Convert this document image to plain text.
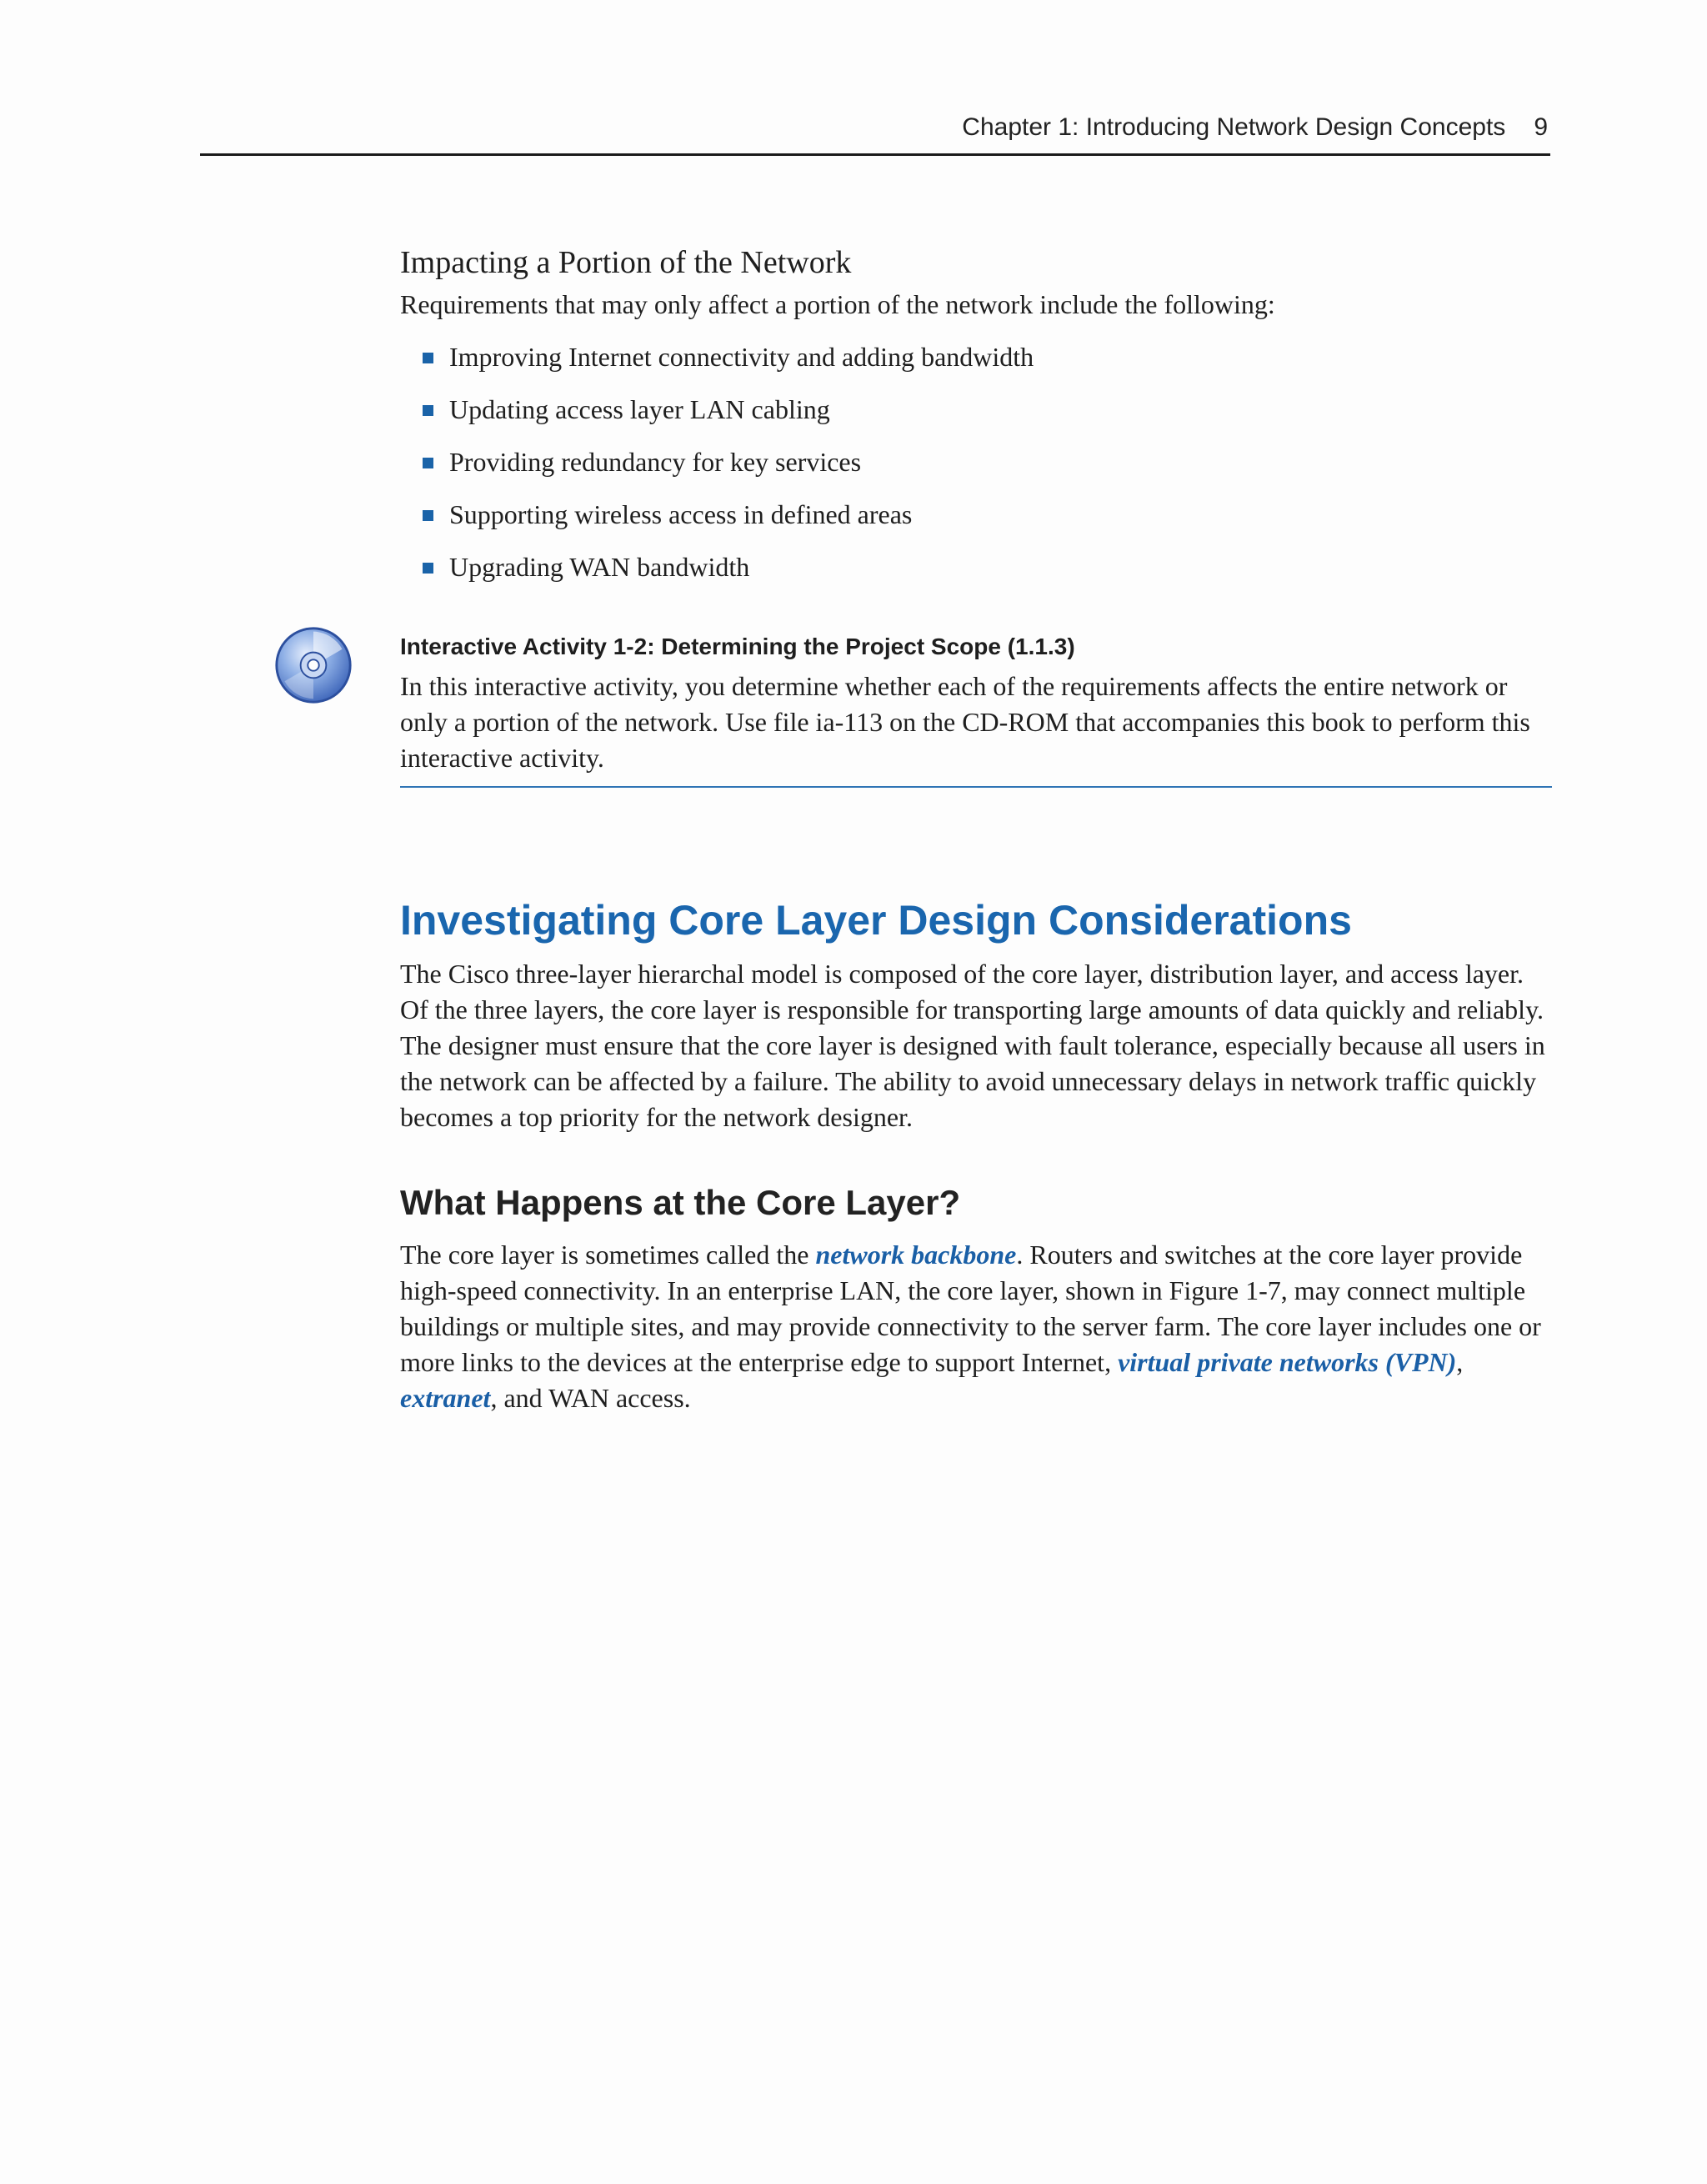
Chapter 1: Introducing Network Design Concepts 9
Impacting a Portion of the Network

Requirements that may only affect a portion of the network include the following:

Improving Internet connectivity and adding bandwidth
Updating access layer LAN cabling
Providing redundancy for key services
Supporting wireless access in defined areas
Upgrading WAN bandwidth

Interactive Activity 1-2: Determining the Project Scope (1.1.3)

In this interactive activity, you determine whether each of the requirements affects the entire network or only a portion of the network. Use file ia-113 on the CD-ROM that accompanies this book to perform this interactive activity.

Investigating Core Layer Design Considerations

The Cisco three-layer hierarchal model is composed of the core layer, distribution layer, and access layer. Of the three layers, the core layer is responsible for transporting large amounts of data quickly and reliably. The designer must ensure that the core layer is designed with fault tolerance, especially because all users in the network can be affected by a failure. The ability to avoid unnecessary delays in network traffic quickly becomes a top priority for the network designer.

What Happens at the Core Layer?

The core layer is sometimes called the network backbone. Routers and switches at the core layer provide high-speed connectivity. In an enterprise LAN, the core layer, shown in Figure 1-7, may connect multiple buildings or multiple sites, and may provide connectivity to the server farm. The core layer includes one or more links to the devices at the enterprise edge to support Internet, virtual private networks (VPN), extranet, and WAN access.
